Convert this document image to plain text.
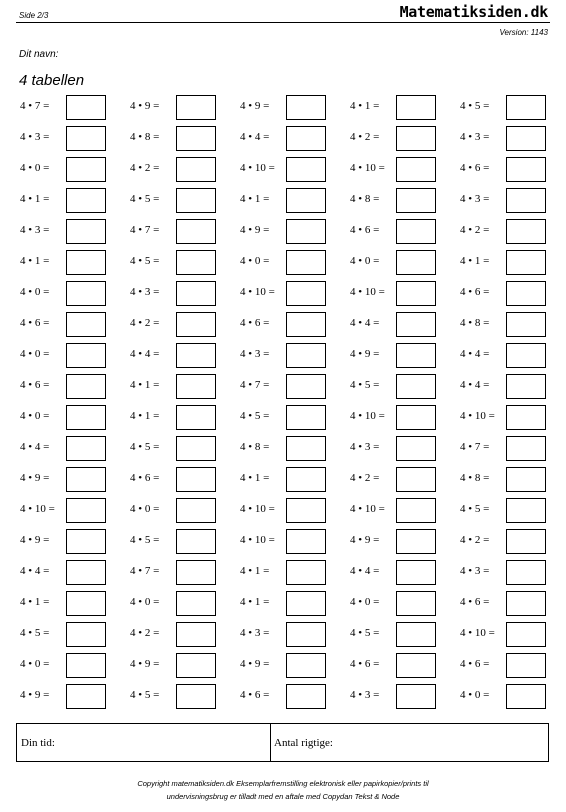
Side 2/3	Matematiksiden.dk
Version: 1143
Dit navn:
4 tabellen
4 • 7 =	4 • 9 =	4 • 9 =	4 • 1 =	4 • 5 =
4 • 3 =	4 • 8 =	4 • 4 =	4 • 2 =	4 • 3 =
4 • 0 =	4 • 2 =	4 • 10 =	4 • 10 =	4 • 6 =
4 • 1 =	4 • 5 =	4 • 1 =	4 • 8 =	4 • 3 =
4 • 3 =	4 • 7 =	4 • 9 =	4 • 6 =	4 • 2 =
4 • 1 =	4 • 5 =	4 • 0 =	4 • 0 =	4 • 1 =
4 • 0 =	4 • 3 =	4 • 10 =	4 • 10 =	4 • 6 =
4 • 6 =	4 • 2 =	4 • 6 =	4 • 4 =	4 • 8 =
4 • 0 =	4 • 4 =	4 • 3 =	4 • 9 =	4 • 4 =
4 • 6 =	4 • 1 =	4 • 7 =	4 • 5 =	4 • 4 =
4 • 0 =	4 • 1 =	4 • 5 =	4 • 10 =	4 • 10 =
4 • 4 =	4 • 5 =	4 • 8 =	4 • 3 =	4 • 7 =
4 • 9 =	4 • 6 =	4 • 1 =	4 • 2 =	4 • 8 =
4 • 10 =	4 • 0 =	4 • 10 =	4 • 10 =	4 • 5 =
4 • 9 =	4 • 5 =	4 • 10 =	4 • 9 =	4 • 2 =
4 • 4 =	4 • 7 =	4 • 1 =	4 • 4 =	4 • 3 =
4 • 1 =	4 • 0 =	4 • 1 =	4 • 0 =	4 • 6 =
4 • 5 =	4 • 2 =	4 • 3 =	4 • 5 =	4 • 10 =
4 • 0 =	4 • 9 =	4 • 9 =	4 • 6 =	4 • 6 =
4 • 9 =	4 • 5 =	4 • 6 =	4 • 3 =	4 • 0 =
Din tid:	Antal rigtige:
Copyright matematiksiden.dk Eksemplarfremstilling elektronisk eller papirkopier/prints til
undervisningsbrug er tilladt med en aftale med Copydan Tekst & Node
